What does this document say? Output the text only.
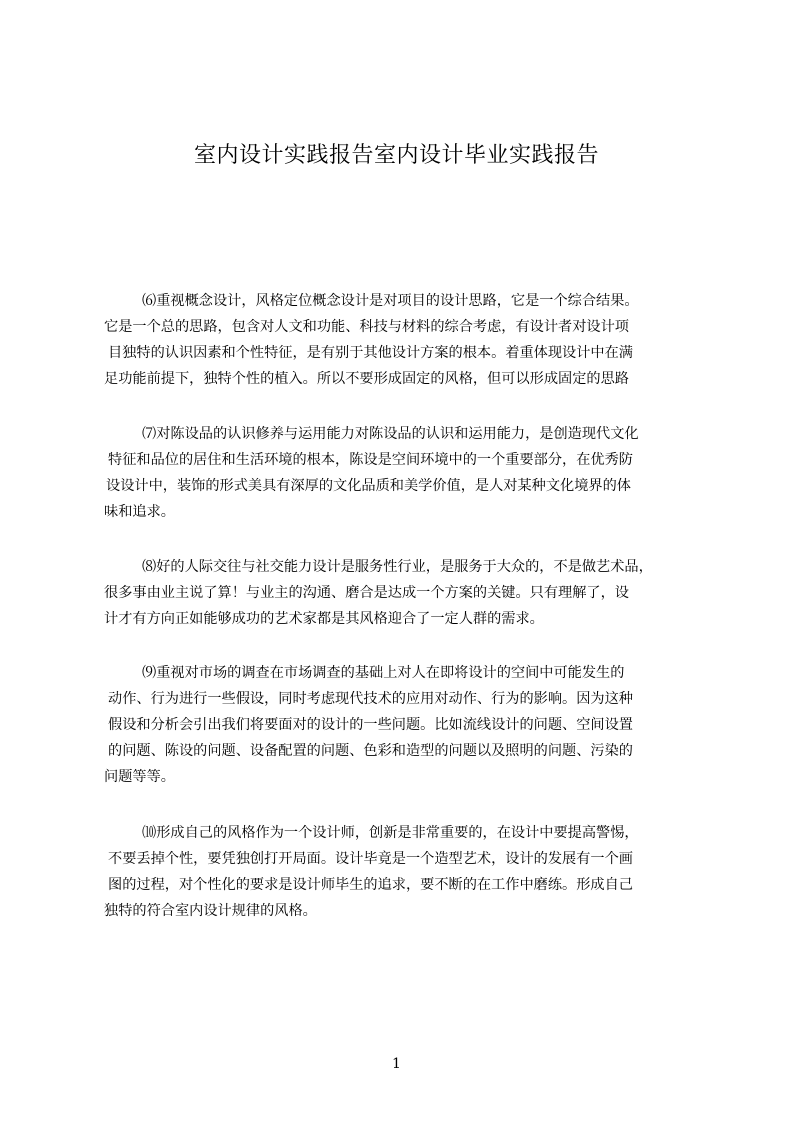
室内设计实践报告室内设计毕业实践报告
⑹重视概念设计，风格定位概念设计是对项目的设计思路，它是一个综合结果。
它是一个总的思路，包含对人文和功能、科技与材料的综合考虑，有设计者对设计项
目独特的认识因素和个性特征，是有别于其他设计方案的根本。着重体现设计中在满
足功能前提下，独特个性的植入。所以不要形成固定的风格，但可以形成固定的思路
⑺对陈设品的认识修养与运用能力对陈设品的认识和运用能力，是创造现代文化
特征和品位的居住和生活环境的根本，陈设是空间环境中的一个重要部分，在优秀防
设设计中，装饰的形式美具有深厚的文化品质和美学价值，是人对某种文化境界的体
味和追求。
⑻好的人际交往与社交能力设计是服务性行业，是服务于大众的，不是做艺术品，
很多事由业主说了算！与业主的沟通、磨合是达成一个方案的关键。只有理解了，设
计才有方向正如能够成功的艺术家都是其风格迎合了一定人群的需求。
⑼重视对市场的调查在市场调查的基础上对人在即将设计的空间中可能发生的
动作、行为进行一些假设，同时考虑现代技术的应用对动作、行为的影响。因为这种
假设和分析会引出我们将要面对的设计的一些问题。比如流线设计的问题、空间设置
的问题、陈设的问题、设备配置的问题、色彩和造型的问题以及照明的问题、污染的
问题等等。
⑽形成自己的风格作为一个设计师，创新是非常重要的，在设计中要提高警惕，
不要丢掉个性，要凭独创打开局面。设计毕竟是一个造型艺术，设计的发展有一个画
图的过程，对个性化的要求是设计师毕生的追求，要不断的在工作中磨练。形成自己
独特的符合室内设计规律的风格。
1
